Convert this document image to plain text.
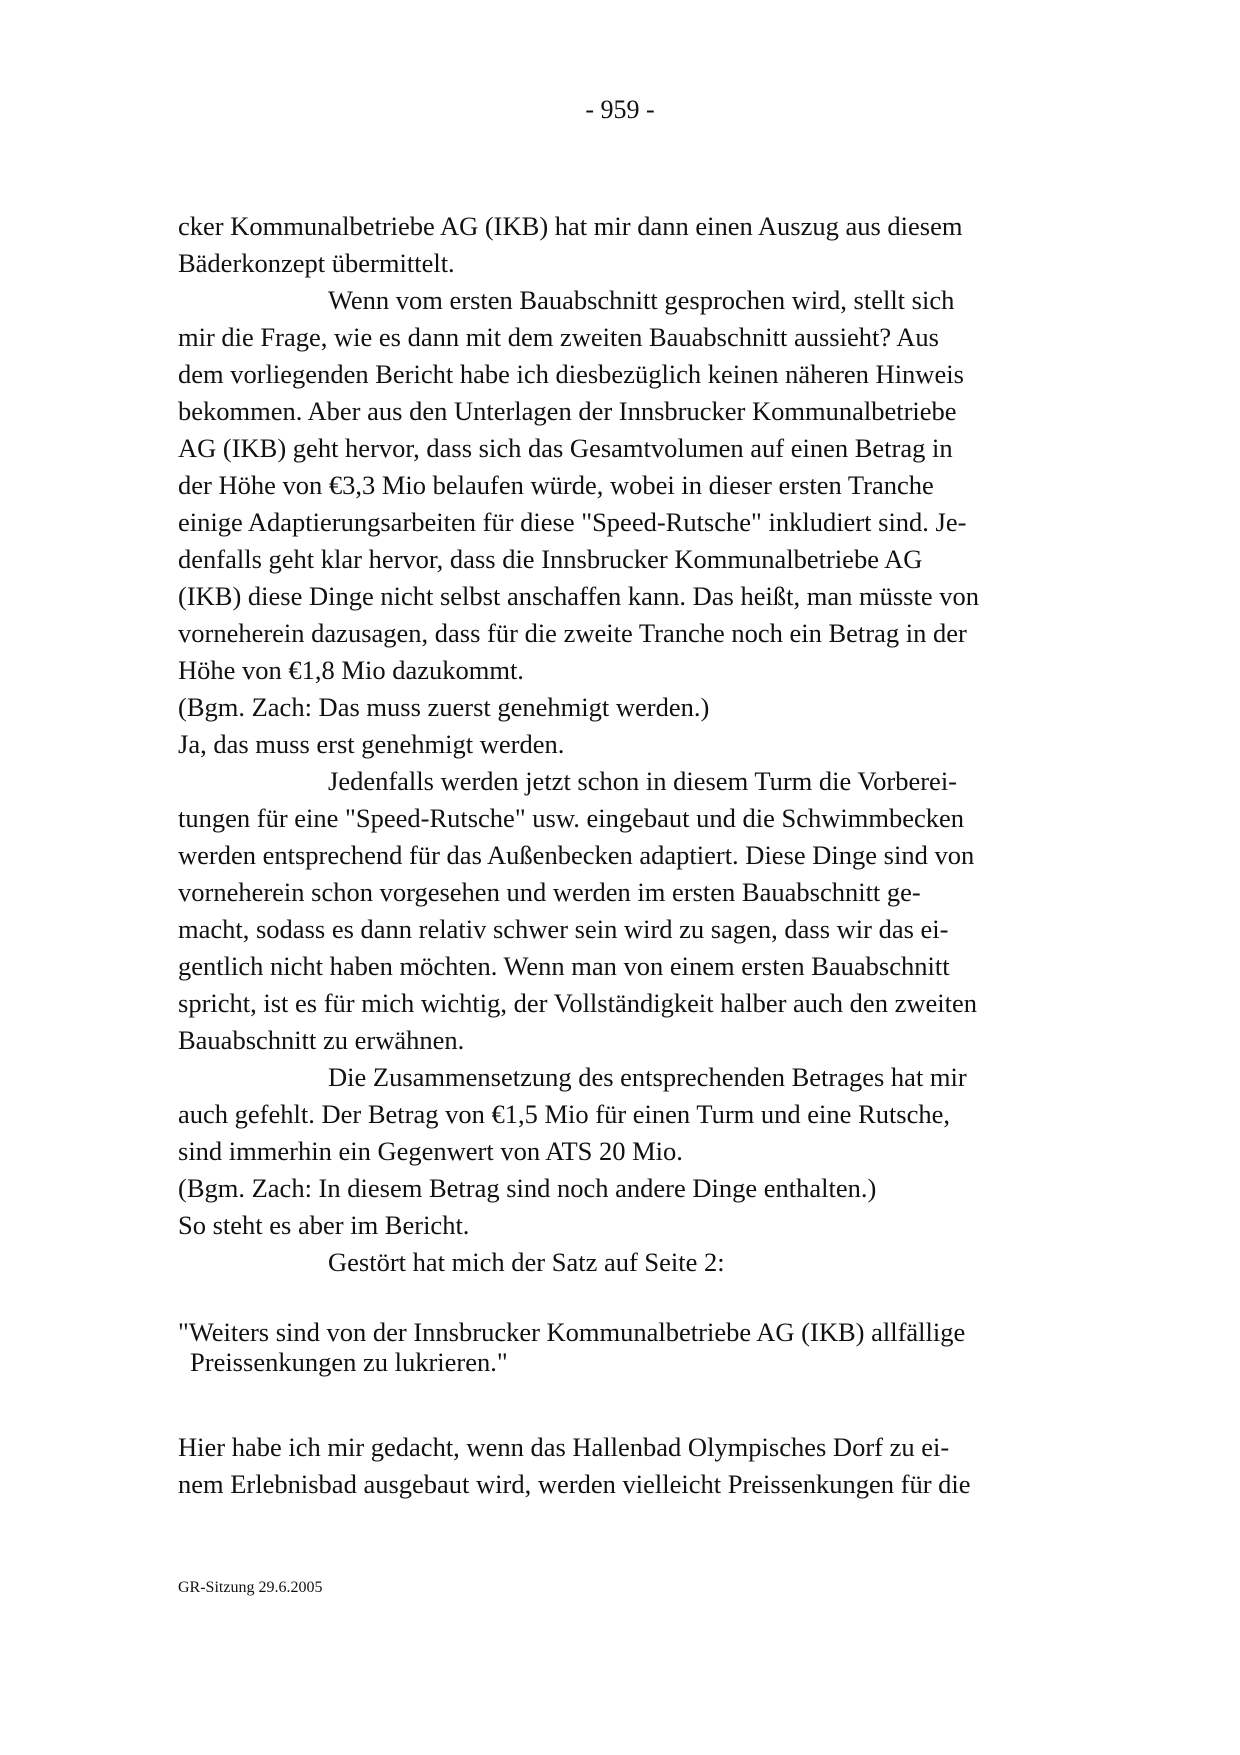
- 959 -

cker Kommunalbetriebe AG (IKB) hat mir dann einen Auszug aus diesem

Bäderkonzept übermittelt.

Wenn vom ersten Bauabschnitt gesprochen wird, stellt sich

mir die Frage, wie es dann mit dem zweiten Bauabschnitt aussieht? Aus

dem vorliegenden Bericht habe ich diesbezüglich keinen näheren Hinweis

bekommen. Aber aus den Unterlagen der Innsbrucker Kommunalbetriebe

AG (IKB) geht hervor, dass sich das Gesamtvolumen auf einen Betrag in

der Höhe von €3,3 Mio belaufen würde, wobei in dieser ersten Tranche

einige Adaptierungsarbeiten für diese "Speed-Rutsche" inkludiert sind. Je-

denfalls geht klar hervor, dass die Innsbrucker Kommunalbetriebe AG

(IKB) diese Dinge nicht selbst anschaffen kann. Das heißt, man müsste von

vorneherein dazusagen, dass für die zweite Tranche noch ein Betrag in der

Höhe von €1,8 Mio dazukommt.

(Bgm. Zach: Das muss zuerst genehmigt werden.)

Ja, das muss erst genehmigt werden.

Jedenfalls werden jetzt schon in diesem Turm die Vorberei-

tungen für eine "Speed-Rutsche" usw. eingebaut und die Schwimmbecken

werden entsprechend für das Außenbecken adaptiert. Diese Dinge sind von

vorneherein schon vorgesehen und werden im ersten Bauabschnitt ge-

macht, sodass es dann relativ schwer sein wird zu sagen, dass wir das ei-

gentlich nicht haben möchten. Wenn man von einem ersten Bauabschnitt

spricht, ist es für mich wichtig, der Vollständigkeit halber auch den zweiten

Bauabschnitt zu erwähnen.

Die Zusammensetzung des entsprechenden Betrages hat mir

auch gefehlt. Der Betrag von €1,5 Mio für einen Turm und eine Rutsche,

sind immerhin ein Gegenwert von ATS 20 Mio.

(Bgm. Zach: In diesem Betrag sind noch andere Dinge enthalten.)

So steht es aber im Bericht.

Gestört hat mich der Satz auf Seite 2:

"Weiters sind von der Innsbrucker Kommunalbetriebe AG (IKB) allfällige

Preissenkungen zu lukrieren."

Hier habe ich mir gedacht, wenn das Hallenbad Olympisches Dorf zu ei-

nem Erlebnisbad ausgebaut wird, werden vielleicht Preissenkungen für die

GR-Sitzung 29.6.2005
